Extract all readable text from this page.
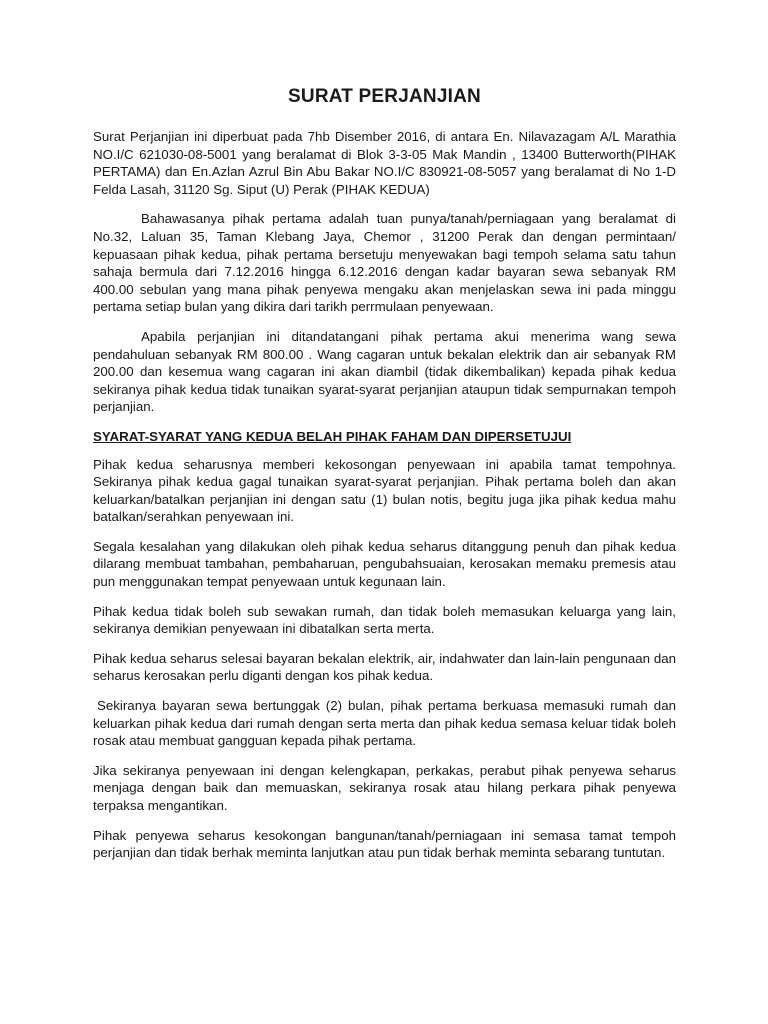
SURAT PERJANJIAN

Surat Perjanjian ini diperbuat pada 7hb Disember 2016, di antara En. Nilavazagam A/L Marathia NO.I/C 621030-08-5001 yang beralamat di Blok 3-3-05 Mak Mandin , 13400 Butterworth(PIHAK PERTAMA) dan En.Azlan Azrul Bin Abu Bakar NO.I/C 830921-08-5057 yang beralamat di No 1-D Felda Lasah, 31120 Sg. Siput (U) Perak (PIHAK KEDUA)

Bahawasanya pihak pertama adalah tuan punya/tanah/perniagaan yang beralamat di No.32, Laluan 35, Taman Klebang Jaya, Chemor , 31200 Perak dan dengan permintaan/ kepuasaan pihak kedua, pihak pertama bersetuju menyewakan bagi tempoh selama satu tahun sahaja bermula dari 7.12.2016 hingga 6.12.2016 dengan kadar bayaran sewa sebanyak RM 400.00 sebulan yang mana pihak penyewa mengaku akan menjelaskan sewa ini pada minggu pertama setiap bulan yang dikira dari tarikh perrmulaan penyewaan.

Apabila perjanjian ini ditandatangani pihak pertama akui menerima wang sewa pendahuluan sebanyak RM 800.00 . Wang cagaran untuk bekalan elektrik dan air sebanyak RM 200.00 dan kesemua wang cagaran ini akan diambil (tidak dikembalikan) kepada pihak kedua sekiranya pihak kedua tidak tunaikan syarat-syarat perjanjian ataupun tidak sempurnakan tempoh perjanjian.

SYARAT-SYARAT YANG KEDUA BELAH PIHAK FAHAM DAN DIPERSETUJUI

Pihak kedua seharusnya memberi kekosongan penyewaan ini apabila tamat tempohnya. Sekiranya pihak kedua gagal tunaikan syarat-syarat perjanjian. Pihak pertama boleh dan akan keluarkan/batalkan perjanjian ini dengan satu (1) bulan notis, begitu juga jika pihak kedua mahu batalkan/serahkan penyewaan ini.

Segala kesalahan yang dilakukan oleh pihak kedua seharus ditanggung penuh dan pihak kedua dilarang membuat tambahan, pembaharuan, pengubahsuaian, kerosakan memaku premesis atau pun menggunakan tempat penyewaan untuk kegunaan lain.

Pihak kedua tidak boleh sub sewakan rumah, dan tidak boleh memasukan keluarga yang lain, sekiranya demikian penyewaan ini dibatalkan serta merta.

Pihak kedua seharus selesai bayaran bekalan elektrik, air, indahwater dan lain-lain pengunaan dan seharus kerosakan perlu diganti dengan kos pihak kedua.

Sekiranya bayaran sewa bertunggak (2) bulan, pihak pertama berkuasa memasuki rumah dan keluarkan pihak kedua dari rumah dengan serta merta dan pihak kedua semasa keluar tidak boleh rosak atau membuat gangguan kepada pihak pertama.

Jika sekiranya penyewaan ini dengan kelengkapan, perkakas, perabut pihak penyewa seharus menjaga dengan baik dan memuaskan, sekiranya rosak atau hilang perkara pihak penyewa terpaksa mengantikan.

Pihak penyewa seharus kesokongan bangunan/tanah/perniagaan ini semasa tamat tempoh perjanjian dan tidak berhak meminta lanjutkan atau pun tidak berhak meminta sebarang tuntutan.
